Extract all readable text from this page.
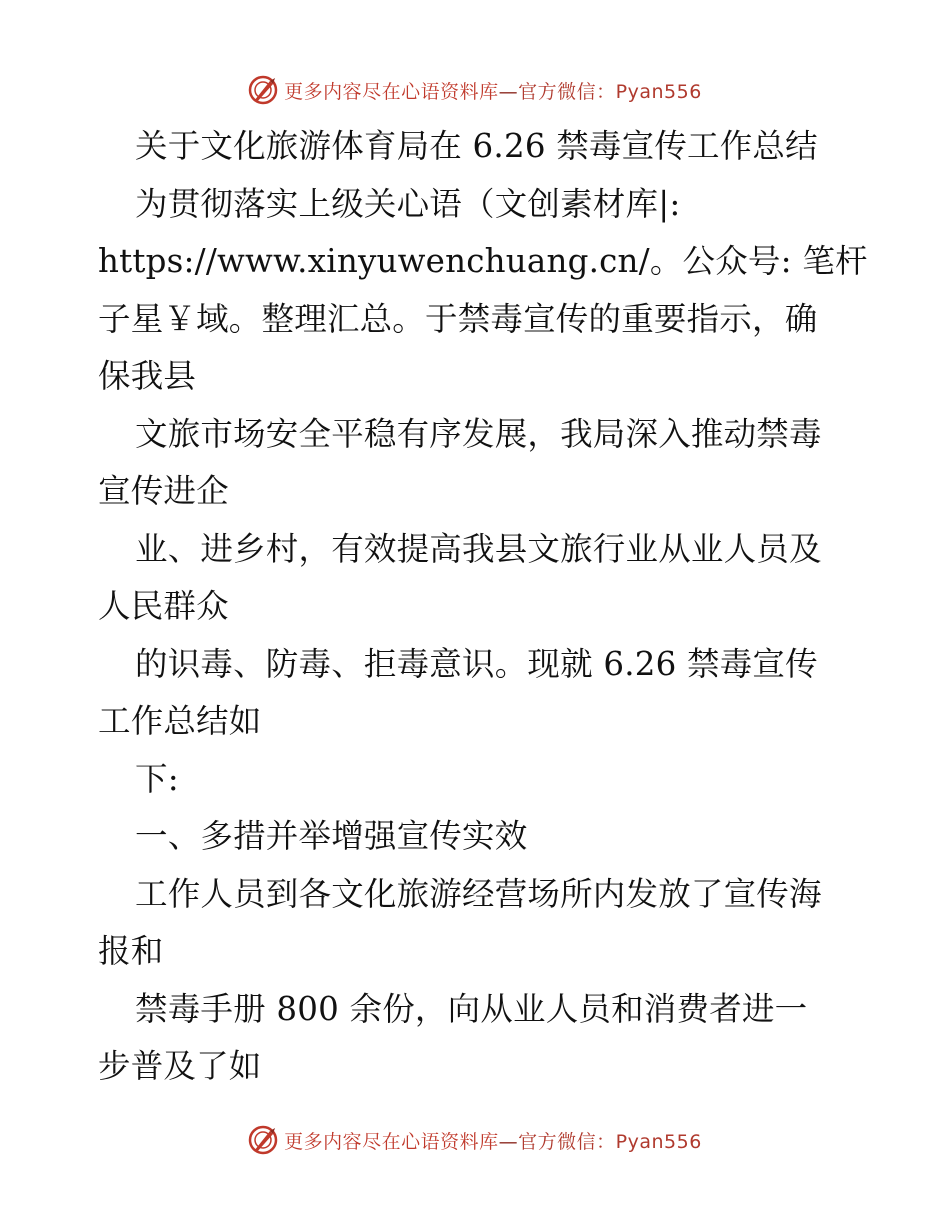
更多内容尽在心语资料库—官方微信：Pyan556
关于文化旅游体育局在 6.26 禁毒宣传工作总结
为贯彻落实上级关心语（文创素材库|:
https://www.xinyuwenchuang.cn/。公众号: 笔杆
子星￥域。整理汇总。于禁毒宣传的重要指示，确
保我县
文旅市场安全平稳有序发展，我局深入推动禁毒
宣传进企
业、进乡村，有效提高我县文旅行业从业人员及
人民群众
的识毒、防毒、拒毒意识。现就 6.26 禁毒宣传
工作总结如
下:
一、多措并举增强宣传实效
工作人员到各文化旅游经营场所内发放了宣传海
报和
禁毒手册 800 余份，向从业人员和消费者进一
步普及了如
更多内容尽在心语资料库—官方微信：Pyan556
